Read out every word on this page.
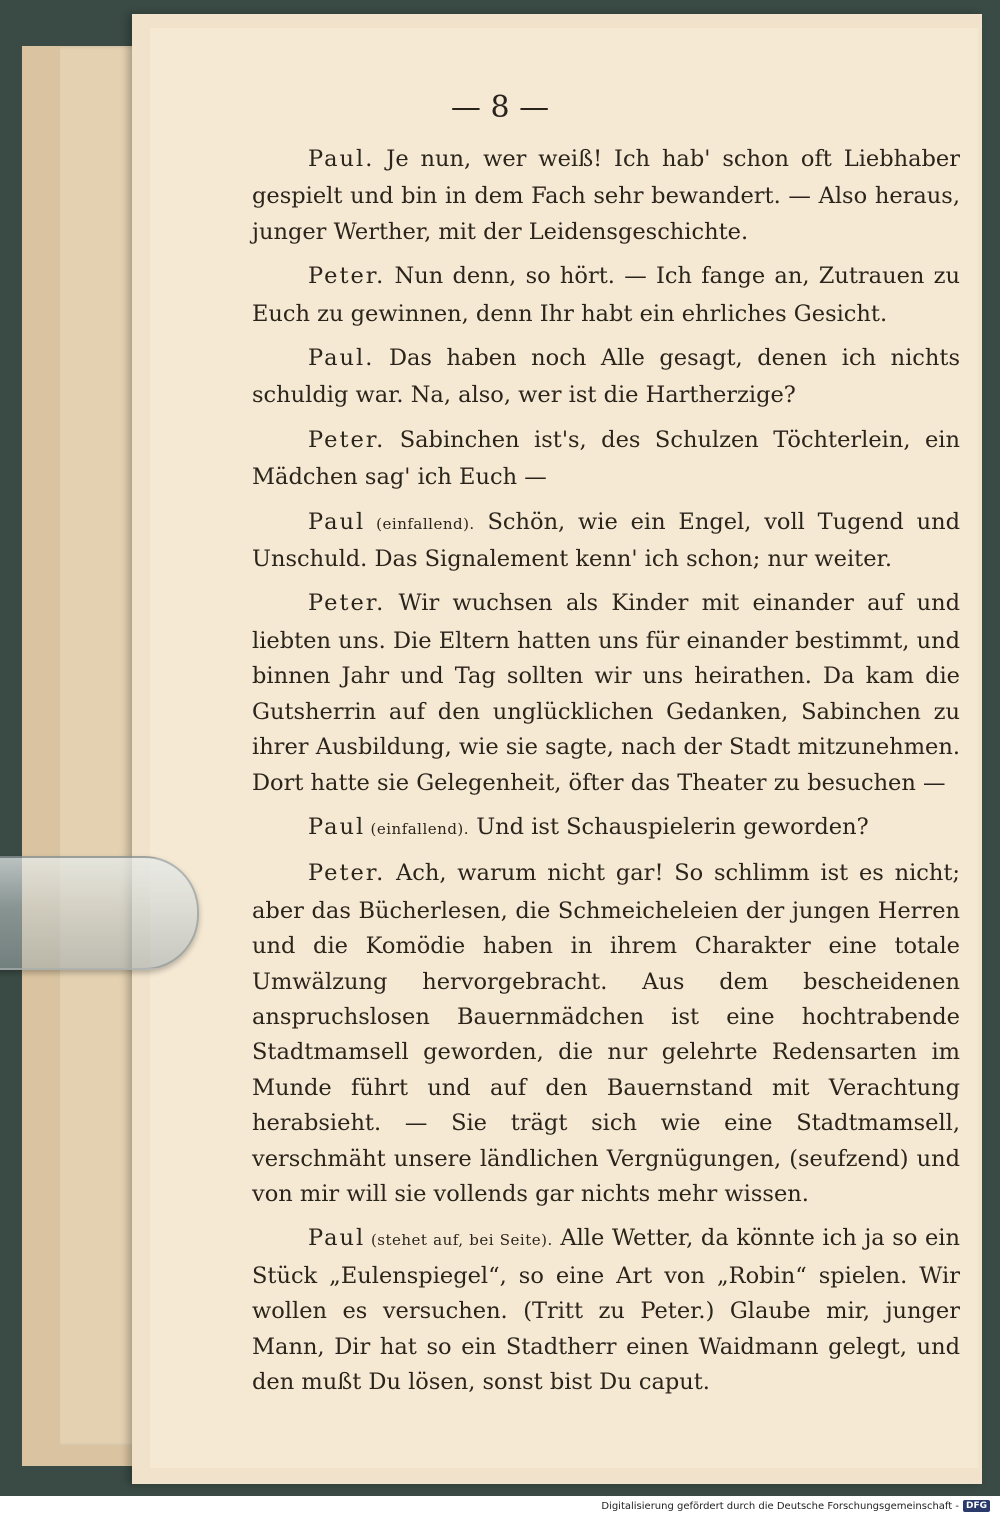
— 8 —

Paul. Je nun, wer weiß! Ich hab' schon oft Liebhaber gespielt und bin in dem Fach sehr bewandert. — Also heraus, junger Werther, mit der Leidensgeschichte.

Peter. Nun denn, so hört. — Ich fange an, Zutrauen zu Euch zu gewinnen, denn Ihr habt ein ehrliches Gesicht.

Paul. Das haben noch Alle gesagt, denen ich nichts schuldig war. Na, also, wer ist die Hartherzige?

Peter. Sabinchen ist's, des Schulzen Töchterlein, ein Mädchen sag' ich Euch —

Paul (einfallend). Schön, wie ein Engel, voll Tugend und Unschuld. Das Signalement kenn' ich schon; nur weiter.

Peter. Wir wuchsen als Kinder mit einander auf und liebten uns. Die Eltern hatten uns für einander bestimmt, und binnen Jahr und Tag sollten wir uns heirathen. Da kam die Gutsherrin auf den unglücklichen Gedanken, Sabinchen zu ihrer Ausbildung, wie sie sagte, nach der Stadt mitzunehmen. Dort hatte sie Gelegenheit, öfter das Theater zu besuchen —

Paul (einfallend). Und ist Schauspielerin geworden?

Peter. Ach, warum nicht gar! So schlimm ist es nicht; aber das Bücherlesen, die Schmeicheleien der jungen Herren und die Komödie haben in ihrem Charakter eine totale Umwälzung hervorgebracht. Aus dem bescheidenen anspruchslosen Bauernmädchen ist eine hochtrabende Stadtmamsell geworden, die nur gelehrte Redensarten im Munde führt und auf den Bauernstand mit Verachtung herabsieht. — Sie trägt sich wie eine Stadtmamsell, verschmäht unsere ländlichen Vergnügungen, (seufzend) und von mir will sie vollends gar nichts mehr wissen.

Paul (stehet auf, bei Seite). Alle Wetter, da könnte ich ja so ein Stück „Eulenspiegel“, so eine Art von „Robin“ spielen. Wir wollen es versuchen. (Tritt zu Peter.) Glaube mir, junger Mann, Dir hat so ein Stadtherr einen Waidmann gelegt, und den mußt Du lösen, sonst bist Du caput.

Digitalisierung gefördert durch die Deutsche Forschungsgemeinschaft - DFG
